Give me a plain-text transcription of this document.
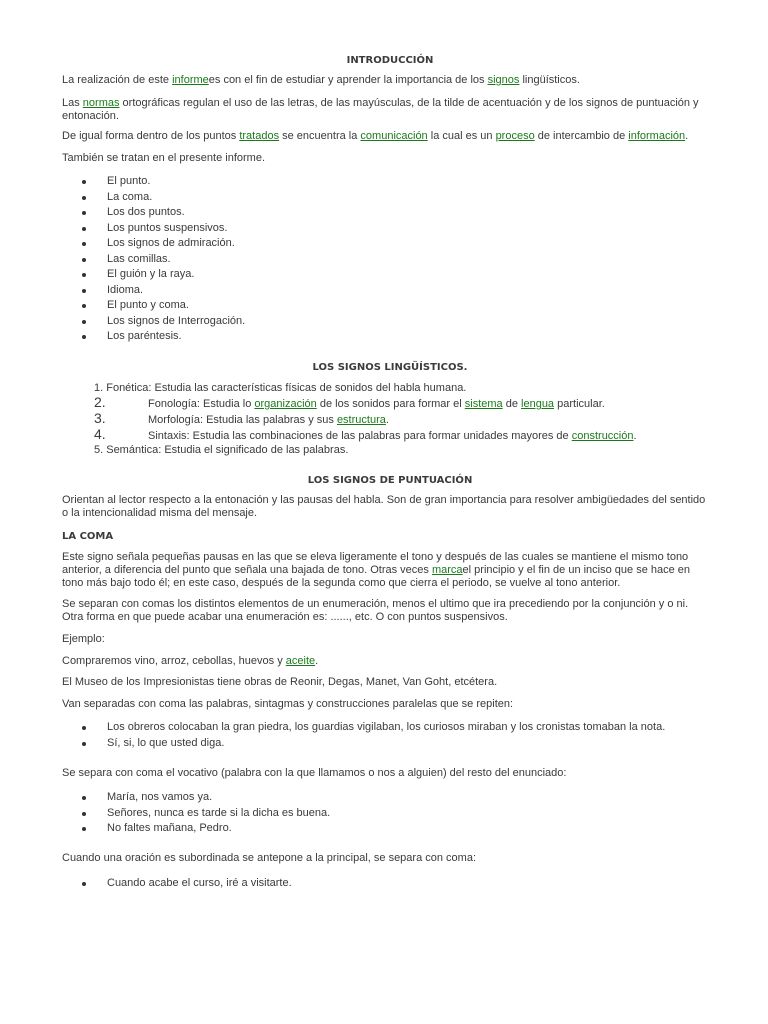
INTRODUCCIÓN

La realización de este informees con el fin de estudiar y aprender la importancia de los signos lingüísticos.

Las normas ortográficas regulan el uso de las letras, de las mayúsculas, de la tilde de acentuación y de los signos de puntuación y entonación.

De igual forma dentro de los puntos tratados se encuentra la comunicación la cual es un proceso de intercambio de información.

También se tratan en el presente informe.

El punto.
La coma.
Los dos puntos.
Los puntos suspensivos.
Los signos de admiración.
Las comillas.
El guión y la raya.
Idioma.
El punto y coma.
Los signos de Interrogación.
Los paréntesis.
LOS SIGNOS LINGÜÍSTICOS.
1. Fonética: Estudia las características físicas de sonidos del habla humana.
2.	Fonología: Estudia lo organización de los sonidos para formar el sistema de lengua particular.
3.	Morfología: Estudia las palabras y sus estructura.
4.	Sintaxis: Estudia las combinaciones de las palabras para formar unidades mayores de construcción.
5. Semántica: Estudia el significado de las palabras.
LOS SIGNOS DE PUNTUACIÓN

Orientan al lector respecto a la entonación y las pausas del habla. Son de gran importancia para resolver ambigüedades del sentido o la intencionalidad misma del mensaje.

LA COMA

Este signo señala pequeñas pausas en las que se eleva ligeramente el tono y después de las cuales se mantiene el mismo tono anterior, a diferencia del punto que señala una bajada de tono. Otras veces marcael principio y el fin de un inciso que se hace en tono más bajo todo él; en este caso, después de la segunda como que cierra el periodo, se vuelve al tono anterior.

Se separan con comas los distintos elementos de un enumeración, menos el ultimo que ira precediendo por la conjunción y o ni. Otra forma en que puede acabar una enumeración es: ......, etc. O con puntos suspensivos.

Ejemplo:

Compraremos vino, arroz, cebollas, huevos y aceite.

El Museo de los Impresionistas tiene obras de Reonir, Degas, Manet, Van Goht, etcétera.

Van separadas con coma las palabras, sintagmas y construcciones paralelas que se repiten:

Los obreros colocaban la gran piedra, los guardias vigilaban, los curiosos miraban y los cronistas tomaban la nota.
Sí, si, lo que usted diga.

Se separa con coma el vocativo (palabra con la que llamamos o nos a alguien) del resto del enunciado:

María, nos vamos ya.
Señores, nunca es tarde si la dicha es buena.
No faltes mañana, Pedro.

Cuando una oración es subordinada se antepone a la principal, se separa con coma:

Cuando acabe el curso, iré a visitarte.
